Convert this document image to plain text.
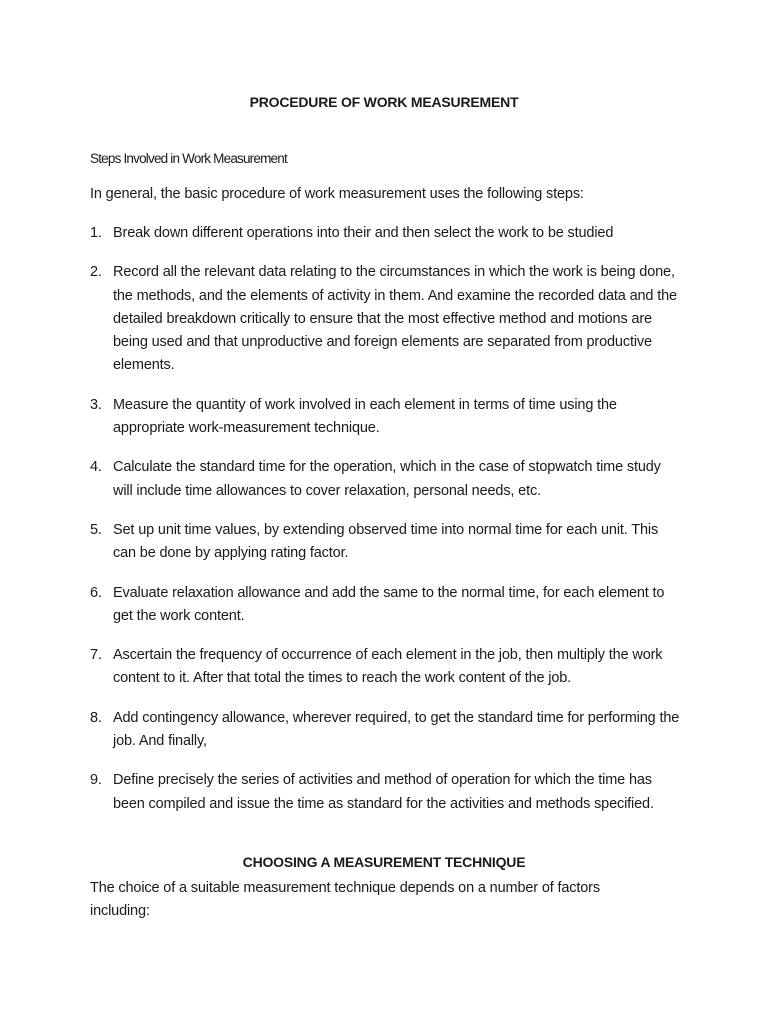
PROCEDURE OF WORK MEASUREMENT
Steps Involved in Work Measurement
In general, the basic procedure of work measurement uses the following steps:
1. Break down different operations into their and then select the work to be studied
2. Record all the relevant data relating to the circumstances in which the work is being done, the methods, and the elements of activity in them. And examine the recorded data and the detailed breakdown critically to ensure that the most effective method and motions are being used and that unproductive and foreign elements are separated from productive elements.
3. Measure the quantity of work involved in each element in terms of time using the appropriate work-measurement technique.
4. Calculate the standard time for the operation, which in the case of stopwatch time study will include time allowances to cover relaxation, personal needs, etc.
5. Set up unit time values, by extending observed time into normal time for each unit. This can be done by applying rating factor.
6. Evaluate relaxation allowance and add the same to the normal time, for each element to get the work content.
7. Ascertain the frequency of occurrence of each element in the job, then multiply the work content to it. After that total the times to reach the work content of the job.
8. Add contingency allowance, wherever required, to get the standard time for performing the job. And finally,
9. Define precisely the series of activities and method of operation for which the time has been compiled and issue the time as standard for the activities and methods specified.
CHOOSING A MEASUREMENT TECHNIQUE
The choice of a suitable measurement technique depends on a number of factors including:
